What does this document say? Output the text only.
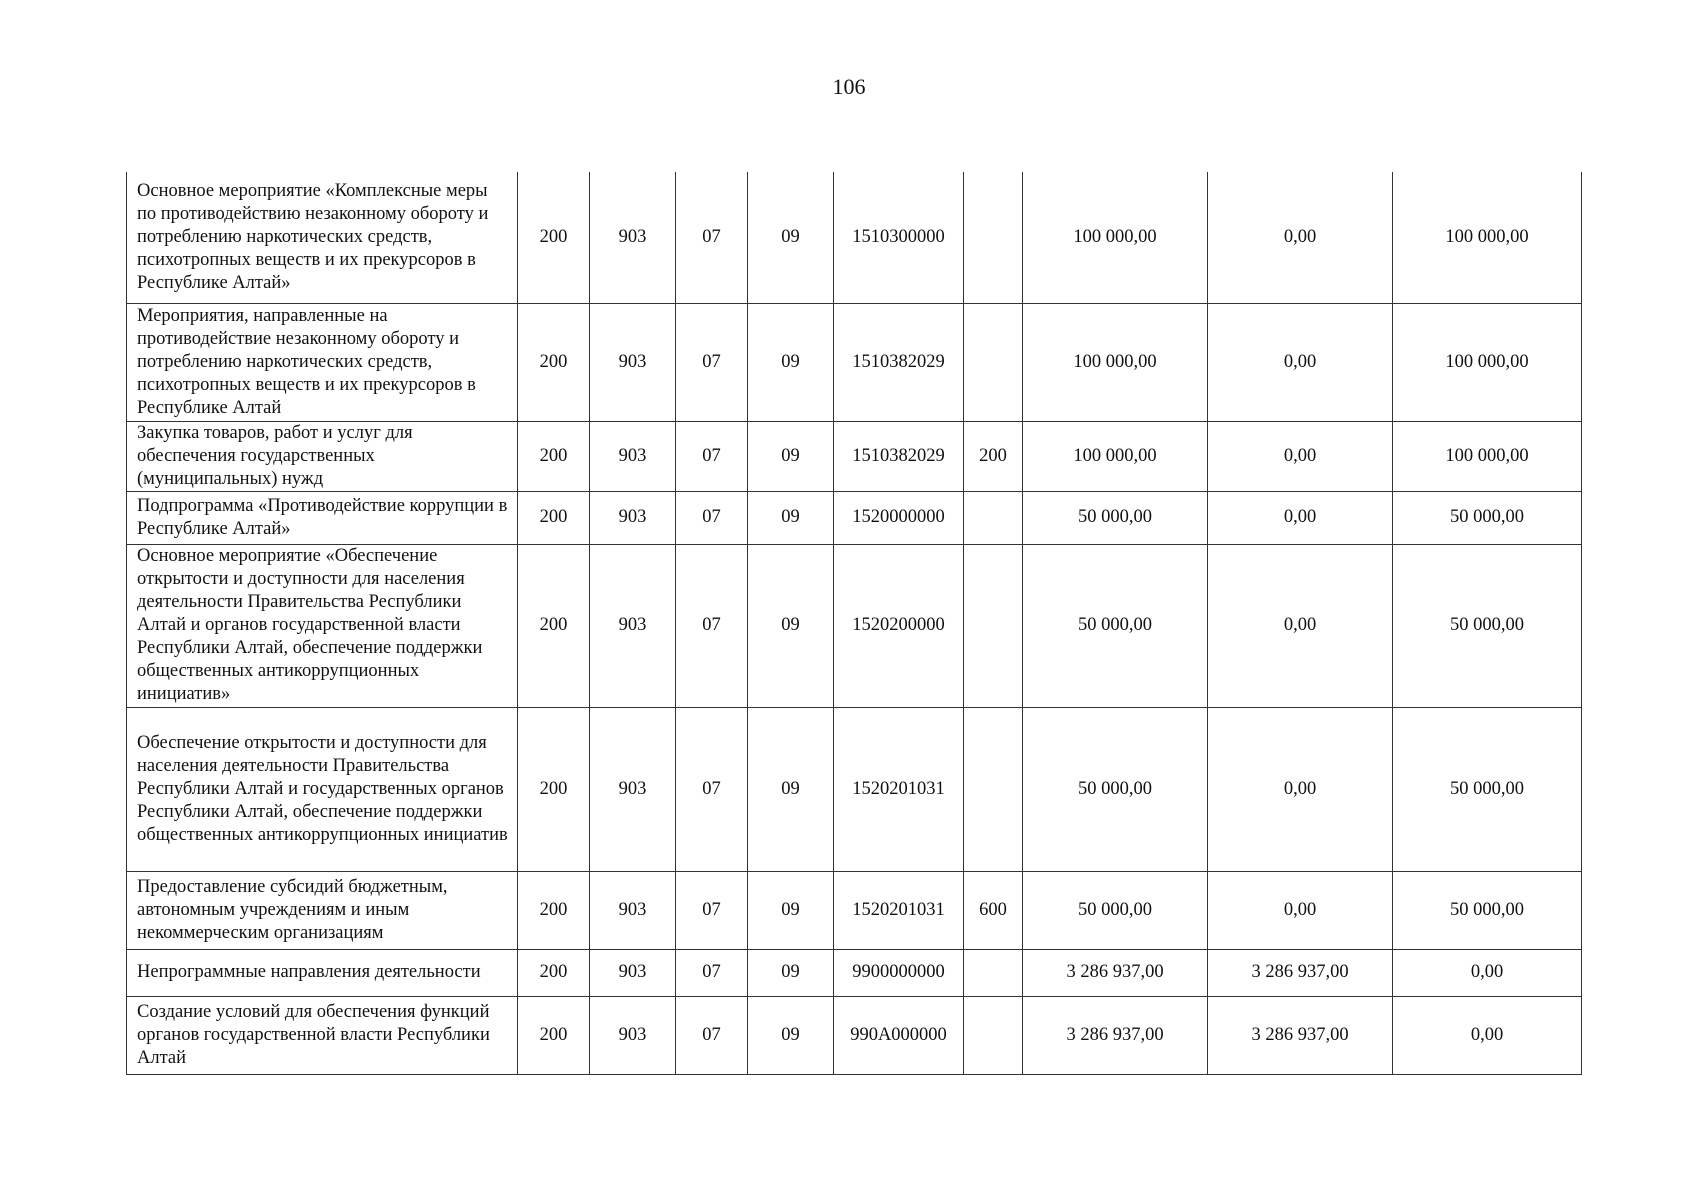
106
Основное мероприятие «Комплексные меры по противодействию незаконному обороту и потреблению наркотических средств, психотропных веществ и их прекурсоров в Республике Алтай»	200	903	07	09	1510300000		100 000,00	0,00	100 000,00
Мероприятия, направленные на противодействие незаконному обороту и потреблению наркотических средств, психотропных веществ и их прекурсоров в Республике Алтай	200	903	07	09	1510382029		100 000,00	0,00	100 000,00
Закупка товаров, работ и услуг для обеспечения государственных (муниципальных) нужд	200	903	07	09	1510382029	200	100 000,00	0,00	100 000,00
Подпрограмма «Противодействие коррупции в Республике Алтай»	200	903	07	09	1520000000		50 000,00	0,00	50 000,00
Основное мероприятие «Обеспечение открытости и доступности для населения деятельности Правительства Республики Алтай и органов государственной власти Республики Алтай, обеспечение поддержки общественных антикоррупционных инициатив»	200	903	07	09	1520200000		50 000,00	0,00	50 000,00
Обеспечение открытости и доступности для населения деятельности Правительства Республики Алтай и государственных органов Республики Алтай, обеспечение поддержки общественных антикоррупционных инициатив	200	903	07	09	1520201031		50 000,00	0,00	50 000,00
Предоставление субсидий бюджетным, автономным учреждениям и иным некоммерческим организациям	200	903	07	09	1520201031	600	50 000,00	0,00	50 000,00
Непрограммные направления деятельности	200	903	07	09	9900000000		3 286 937,00	3 286 937,00	0,00
Создание условий для обеспечения функций органов государственной власти Республики Алтай	200	903	07	09	990А000000		3 286 937,00	3 286 937,00	0,00
